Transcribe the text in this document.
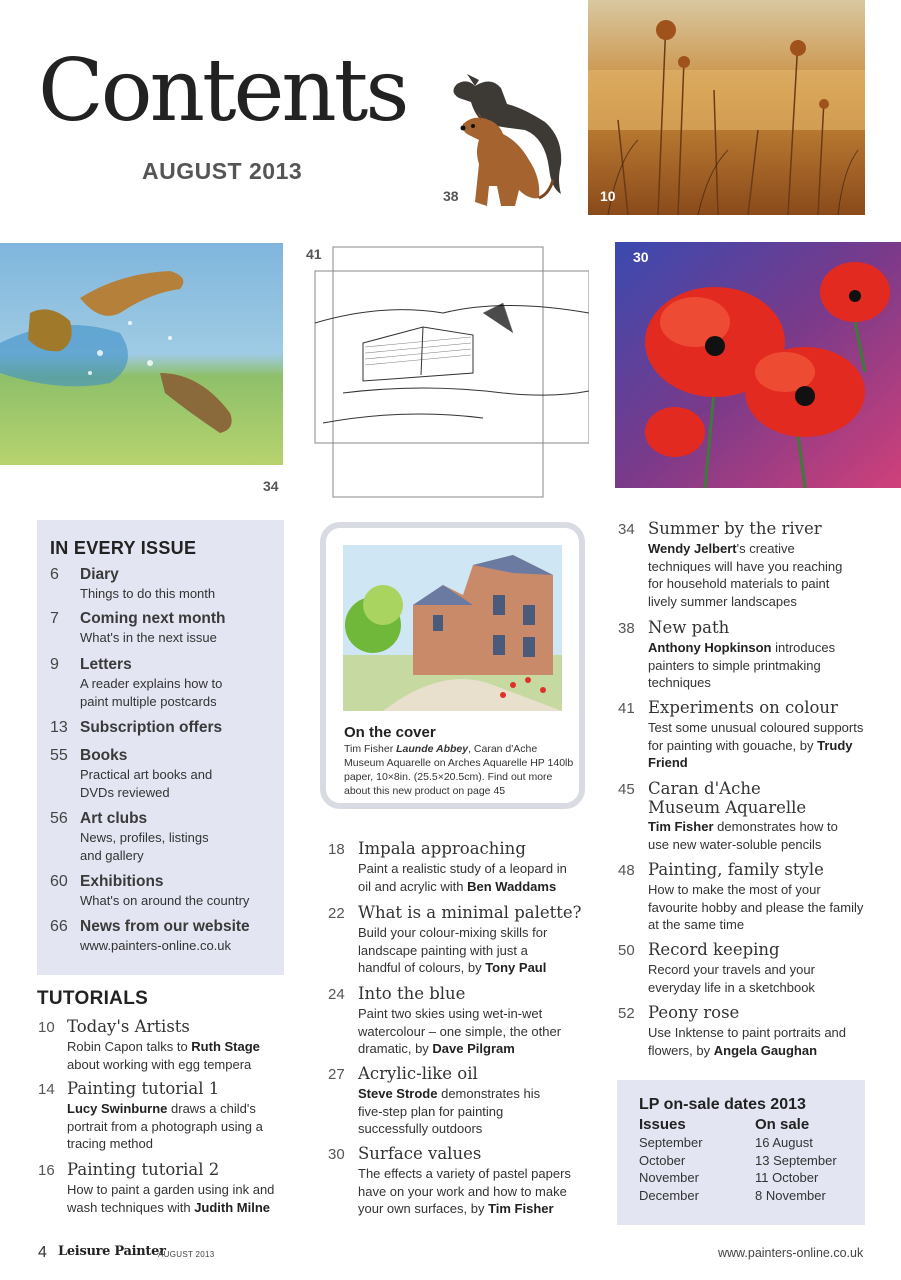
Contents
AUGUST 2013
38	10
34
41	30
IN EVERY ISSUE
6 Diary
Things to do this month
7 Coming next month
What's in the next issue
9 Letters
A reader explains how to paint multiple postcards
13 Subscription offers
55 Books
Practical art books and DVDs reviewed
56 Art clubs
News, profiles, listings and gallery
60 Exhibitions
What's on around the country
66 News from our website
www.painters-online.co.uk
TUTORIALS
10 Today's Artists
Robin Capon talks to Ruth Stage about working with egg tempera
14 Painting tutorial 1
Lucy Swinburne draws a child's portrait from a photograph using a tracing method
16 Painting tutorial 2
How to paint a garden using ink and wash techniques with Judith Milne
On the cover
Tim Fisher Launde Abbey, Caran d'Ache Museum Aquarelle on Arches Aquarelle HP 140lb paper, 10×8in. (25.5×20.5cm). Find out more about this new product on page 45
18 Impala approaching
Paint a realistic study of a leopard in oil and acrylic with Ben Waddams
22 What is a minimal palette?
Build your colour-mixing skills for landscape painting with just a handful of colours, by Tony Paul
24 Into the blue
Paint two skies using wet-in-wet watercolour – one simple, the other dramatic, by Dave Pilgram
27 Acrylic-like oil
Steve Strode demonstrates his five-step plan for painting successfully outdoors
30 Surface values
The effects a variety of pastel papers have on your work and how to make your own surfaces, by Tim Fisher
34 Summer by the river
Wendy Jelbert's creative techniques will have you reaching for household materials to paint lively summer landscapes
38 New path
Anthony Hopkinson introduces painters to simple printmaking techniques
41 Experiments on colour
Test some unusual coloured supports for painting with gouache, by Trudy Friend
45 Caran d'Ache
Museum Aquarelle
Tim Fisher demonstrates how to use new water-soluble pencils
48 Painting, family style
How to make the most of your favourite hobby and please the family at the same time
50 Record keeping
Record your travels and your everyday life in a sketchbook
52 Peony rose
Use Inktense to paint portraits and flowers, by Angela Gaughan
LP on-sale dates 2013
Issues	On sale
September	16 August
October	13 September
November	11 October
December	8 November
4 Leisure Painter
AUGUST 2013	www.painters-online.co.uk
